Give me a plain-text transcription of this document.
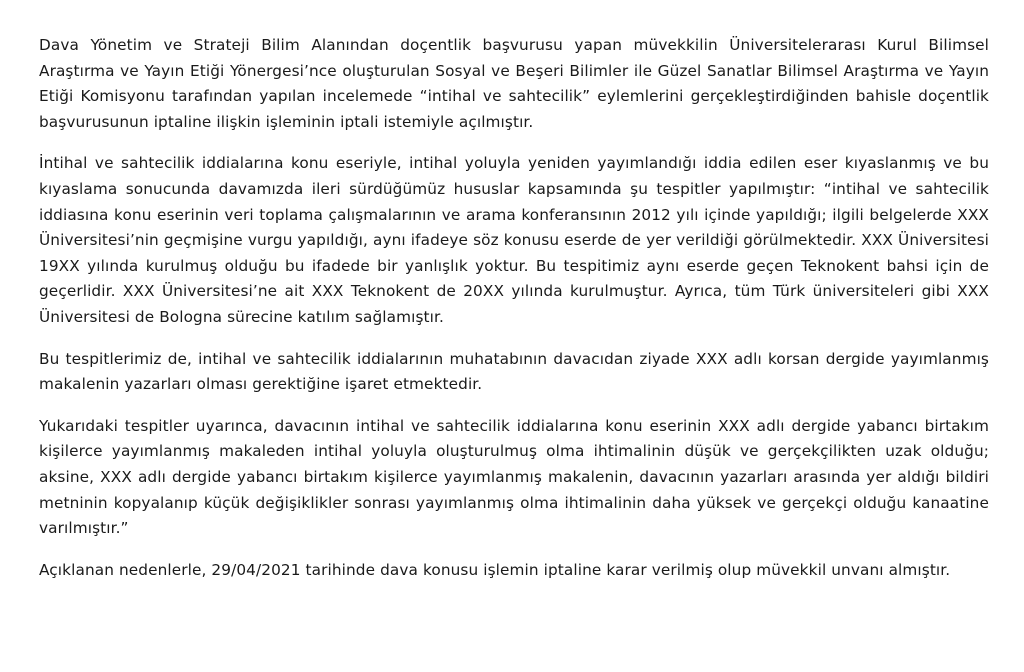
Dava Yönetim ve Strateji Bilim Alanından doçentlik başvurusu yapan müvekkilin Üniversitelerarası Kurul Bilimsel Araştırma ve Yayın Etiği Yönergesi’nce oluşturulan Sosyal ve Beşeri Bilimler ile Güzel Sanatlar Bilimsel Araştırma ve Yayın Etiği Komisyonu tarafından yapılan incelemede “intihal ve sahtecilik” eylemlerini gerçekleştirdiğinden bahisle doçentlik başvurusunun iptaline ilişkin işleminin iptali istemiyle açılmıştır.

İntihal ve sahtecilik iddialarına konu eseriyle, intihal yoluyla yeniden yayımlandığı iddia edilen eser kıyaslanmış ve bu kıyaslama sonucunda davamızda ileri sürdüğümüz hususlar kapsamında şu tespitler yapılmıştır: “intihal ve sahtecilik iddiasına konu eserinin veri toplama çalışmalarının ve arama konferansının 2012 yılı içinde yapıldığı; ilgili belgelerde XXX Üniversitesi’nin geçmişine vurgu yapıldığı, aynı ifadeye söz konusu eserde de yer verildiği görülmektedir. XXX Üniversitesi 19XX yılında kurulmuş olduğu bu ifadede bir yanlışlık yoktur. Bu tespitimiz aynı eserde geçen Teknokent bahsi için de geçerlidir. XXX Üniversitesi’ne ait XXX Teknokent de 20XX yılında kurulmuştur. Ayrıca, tüm Türk üniversiteleri gibi XXX Üniversitesi de Bologna sürecine katılım sağlamıştır.

Bu tespitlerimiz de, intihal ve sahtecilik iddialarının muhatabının davacıdan ziyade XXX adlı korsan dergide yayımlanmış makalenin yazarları olması gerektiğine işaret etmektedir.

Yukarıdaki tespitler uyarınca, davacının intihal ve sahtecilik iddialarına konu eserinin XXX adlı dergide yabancı birtakım kişilerce yayımlanmış makaleden intihal yoluyla oluşturulmuş olma ihtimalinin düşük ve gerçekçilikten uzak olduğu; aksine, XXX adlı dergide yabancı birtakım kişilerce yayımlanmış makalenin, davacının yazarları arasında yer aldığı bildiri metninin kopyalanıp küçük değişiklikler sonrası yayımlanmış olma ihtimalinin daha yüksek ve gerçekçi olduğu kanaatine varılmıştır.”

Açıklanan nedenlerle, 29/04/2021 tarihinde dava konusu işlemin iptaline karar verilmiş olup müvekkil unvanı almıştır.
